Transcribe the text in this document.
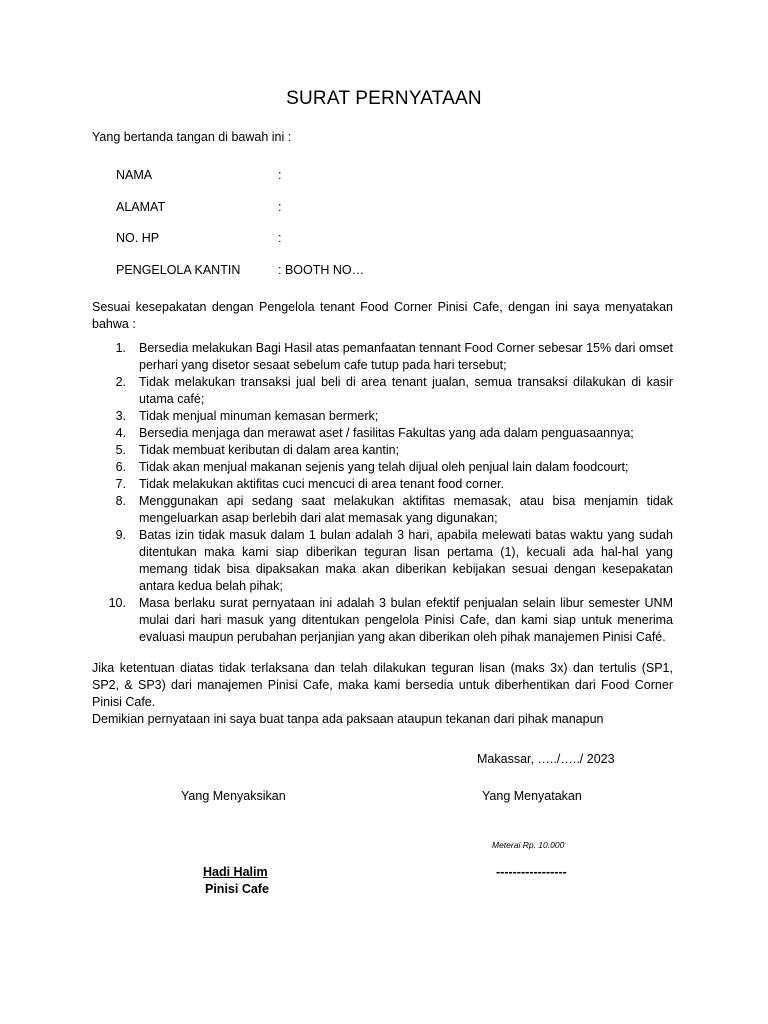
SURAT PERNYATAAN
Yang bertanda tangan di bawah ini :
NAMA	:
ALAMAT	:
NO. HP	:
PENGELOLA KANTIN	: BOOTH NO…
Sesuai kesepakatan dengan Pengelola tenant Food Corner Pinisi Cafe, dengan ini saya menyatakan bahwa :
1. Bersedia melakukan Bagi Hasil atas pemanfaatan tennant Food Corner sebesar 15% dari omset perhari yang disetor sesaat sebelum cafe tutup pada hari tersebut;
2. Tidak melakukan transaksi jual beli di area tenant jualan, semua transaksi dilakukan di kasir utama café;
3. Tidak menjual minuman kemasan bermerk;
4. Bersedia menjaga dan merawat aset / fasilitas Fakultas yang ada dalam penguasaannya;
5. Tidak membuat keributan di dalam area kantin;
6. Tidak akan menjual makanan sejenis yang telah dijual oleh penjual lain dalam foodcourt;
7. Tidak melakukan aktifitas cuci mencuci di area tenant food corner.
8. Menggunakan api sedang saat melakukan aktifitas memasak, atau bisa menjamin tidak mengeluarkan asap berlebih dari alat memasak yang digunakan;
9. Batas izin tidak masuk dalam 1 bulan adalah 3 hari, apabila melewati batas waktu yang sudah ditentukan maka kami siap diberikan teguran lisan pertama (1), kecuali ada hal-hal yang memang tidak bisa dipaksakan maka akan diberikan kebijakan sesuai dengan kesepakatan antara kedua belah pihak;
10. Masa berlaku surat pernyataan ini adalah 3 bulan efektif penjualan selain libur semester UNM mulai dari hari masuk yang ditentukan pengelola Pinisi Cafe, dan kami siap untuk menerima evaluasi maupun perubahan perjanjian yang akan diberikan oleh pihak manajemen Pinisi Café.
Jika ketentuan diatas tidak terlaksana dan telah dilakukan teguran lisan (maks 3x) dan tertulis (SP1, SP2, & SP3) dari manajemen Pinisi Cafe, maka kami bersedia untuk diberhentikan dari Food Corner Pinisi Cafe.
Demikian pernyataan ini saya buat tanpa ada paksaan ataupun tekanan dari pihak manapun
Makassar, …../…../ 2023
Yang Menyaksikan	Yang Menyatakan
Meterai Rp. 10.000
Hadi Halim
Pinisi Cafe
-----------------
